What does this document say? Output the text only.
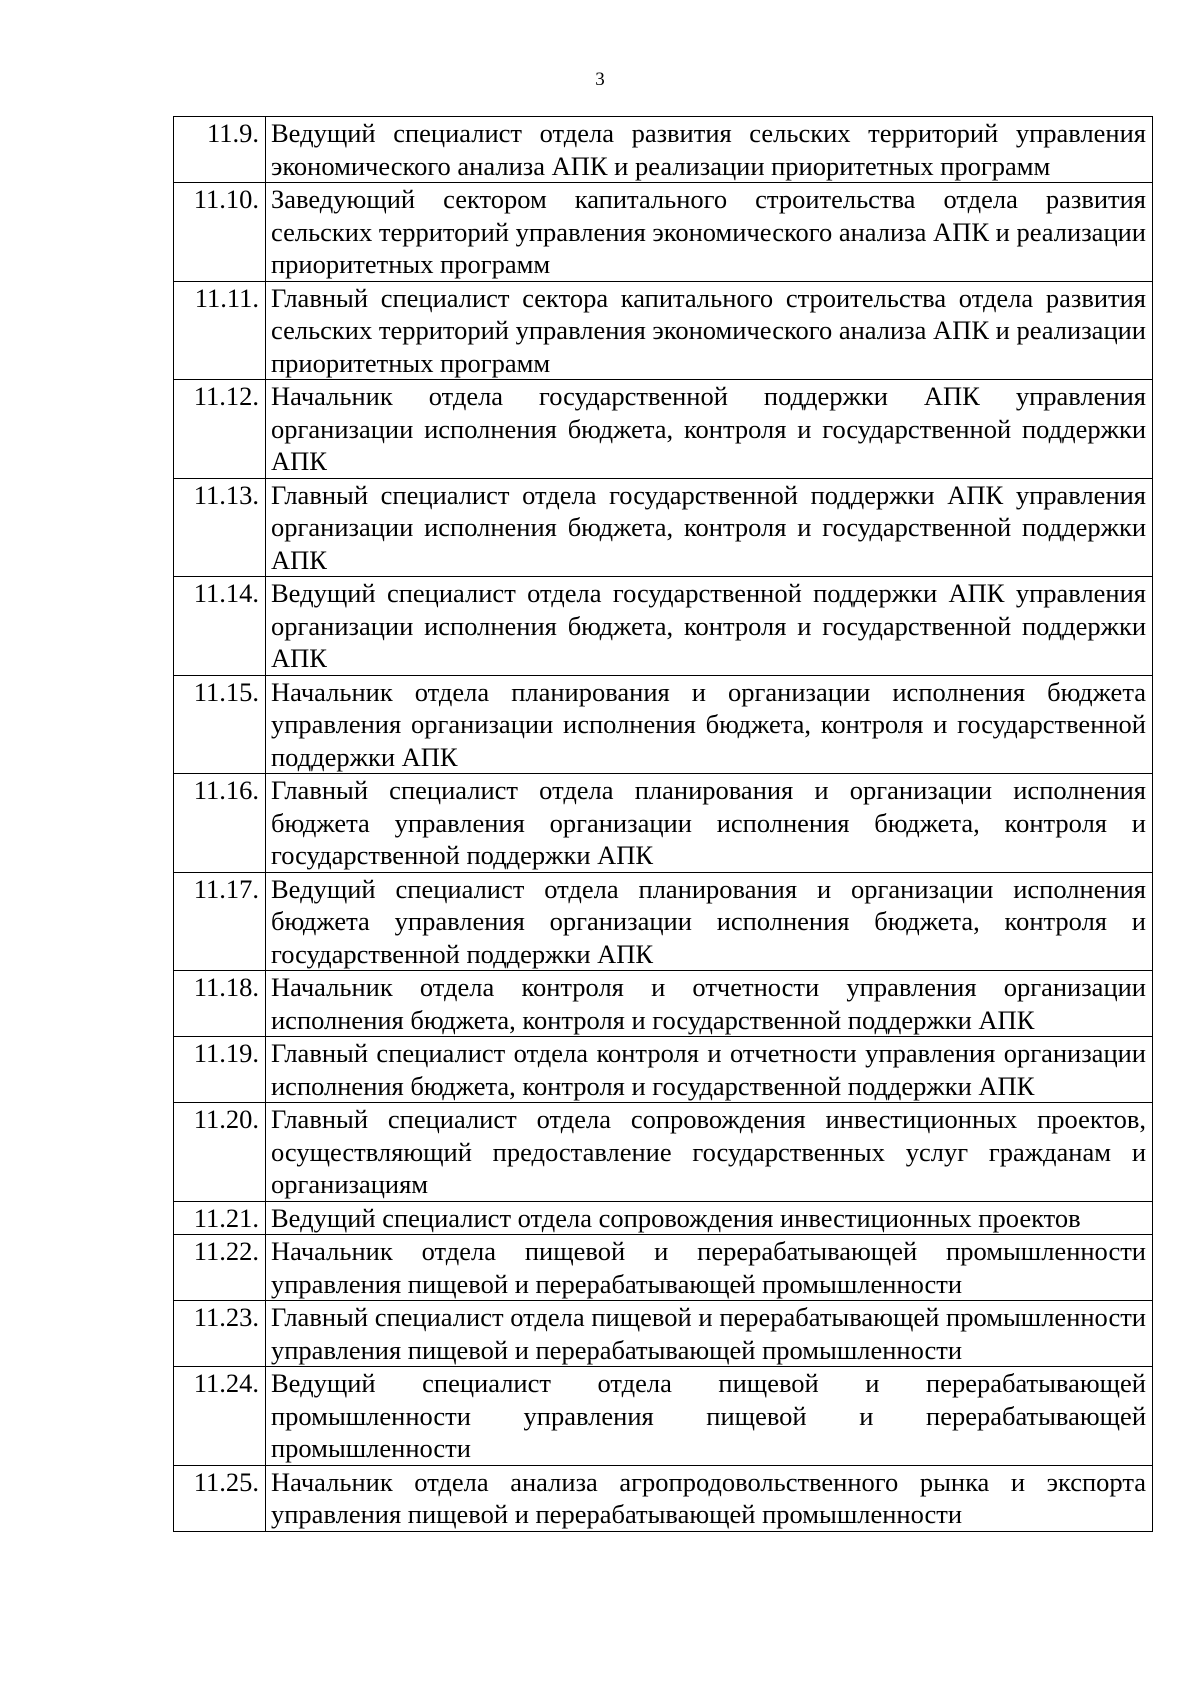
3
11.9.	Ведущий специалист отдела развития сельских территорий управления экономического анализа АПК и реализации приоритетных программ
11.10.	Заведующий сектором капитального строительства отдела развития сельских территорий управления экономического анализа АПК и реализации приоритетных программ
11.11.	Главный специалист сектора капитального строительства отдела развития сельских территорий управления экономического анализа АПК и реализации приоритетных программ
11.12.	Начальник отдела государственной поддержки АПК управления организации исполнения бюджета, контроля и государственной поддержки АПК
11.13.	Главный специалист отдела государственной поддержки АПК управления организации исполнения бюджета, контроля и государственной поддержки АПК
11.14.	Ведущий специалист отдела государственной поддержки АПК управления организации исполнения бюджета, контроля и государственной поддержки АПК
11.15.	Начальник отдела планирования и организации исполнения бюджета управления организации исполнения бюджета, контроля и государственной поддержки АПК
11.16.	Главный специалист отдела планирования и организации исполнения бюджета управления организации исполнения бюджета, контроля и государственной поддержки АПК
11.17.	Ведущий специалист отдела планирования и организации исполнения бюджета управления организации исполнения бюджета, контроля и государственной поддержки АПК
11.18.	Начальник отдела контроля и отчетности управления организации исполнения бюджета, контроля и государственной поддержки АПК
11.19.	Главный специалист отдела контроля и отчетности управления организации исполнения бюджета, контроля и государственной поддержки АПК
11.20.	Главный специалист отдела сопровождения инвестиционных проектов, осуществляющий предоставление государственных услуг гражданам и организациям
11.21.	Ведущий специалист отдела сопровождения инвестиционных проектов
11.22.	Начальник отдела пищевой и перерабатывающей промышленности управления пищевой и перерабатывающей промышленности
11.23.	Главный специалист отдела пищевой и перерабатывающей промышленности управления пищевой и перерабатывающей промышленности
11.24.	Ведущий специалист отдела пищевой и перерабатывающей промышленности управления пищевой и перерабатывающей промышленности
11.25.	Начальник отдела анализа агропродовольственного рынка и экспорта управления пищевой и перерабатывающей промышленности
